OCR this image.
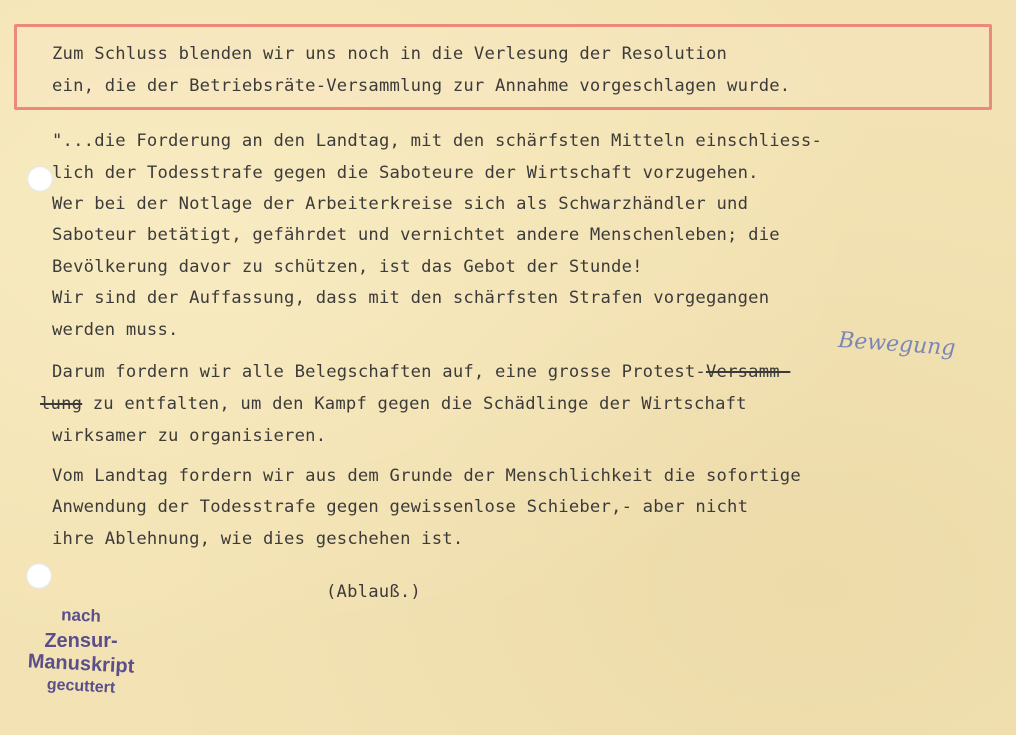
Zum Schluss blenden wir uns noch in die Verlesung der Resolution
ein, die der Betriebsräte-Versammlung zur Annahme vorgeschlagen wurde.
"...die Forderung an den Landtag, mit den schärfsten Mitteln einschliess-
lich der Todesstrafe gegen die Saboteure der Wirtschaft vorzugehen.
Wer bei der Notlage der Arbeiterkreise sich als Schwarzhändler und
Saboteur betätigt, gefährdet und vernichtet andere Menschenleben; die
Bevölkerung davor zu schützen, ist das Gebot der Stunde!
Wir sind der Auffassung, dass mit den schärfsten Strafen vorgegangen
werden muss.	Bewegung
Darum fordern wir alle Belegschaften auf, eine grosse Protest-Versamm-
lung zu entfalten, um den Kampf gegen die Schädlinge der Wirtschaft
wirksamer zu organisieren.
Vom Landtag fordern wir aus dem Grunde der Menschlichkeit die sofortige
Anwendung der Todesstrafe gegen gewissenlose Schieber,- aber nicht
ihre Ablehnung, wie dies geschehen ist.
(Ablauß.)
nach
Zensur-
Manuskript
gecuttert
